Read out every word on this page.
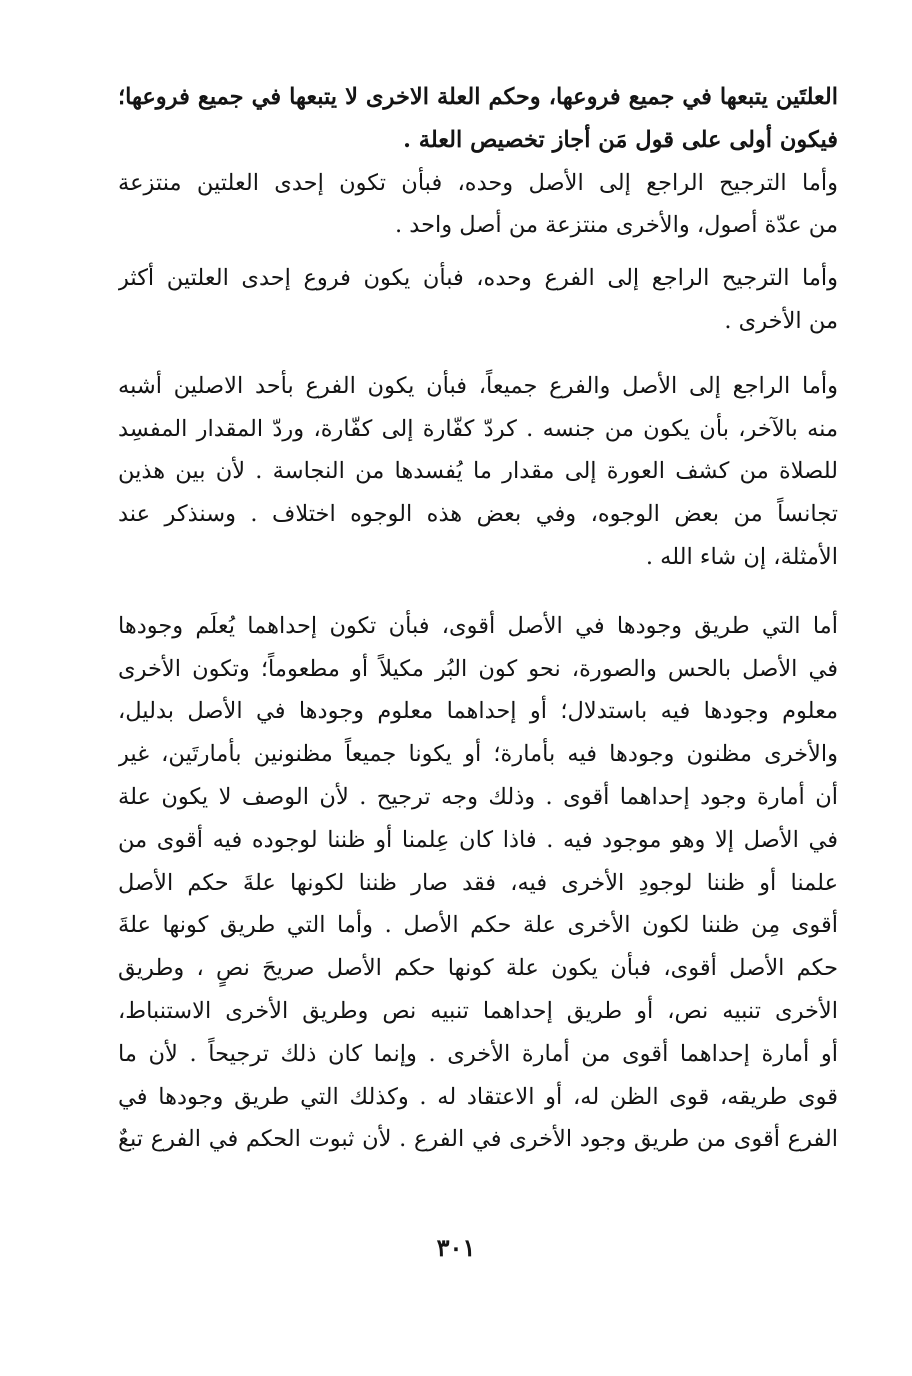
العلتَين يتبعها في جميع فروعها، وحكم العلة الاخرى لا يتبعها في جميع فروعها؛
فيكون أولى على قول مَن أجاز تخصيص العلة .
وأما الترجيح الراجع إلى الأصل وحده، فبأن تكون إحدى العلتين منتزعة
من عدّة أصول، والأخرى منتزعة من أصل واحد .
وأما الترجيح الراجع إلى الفرع وحده، فبأن يكون فروع إحدى العلتين أكثر
من الأخرى .
وأما الراجع إلى الأصل والفرع جميعاً، فبأن يكون الفرع بأحد الاصلين أشبه
منه بالآخر، بأن يكون من جنسه . كردّ كفّارة إلى كفّارة، وردّ المقدار المفسِد
للصلاة من كشف العورة إلى مقدار ما يُفسدها من النجاسة . لأن بين هذين
تجانساً من بعض الوجوه، وفي بعض هذه الوجوه اختلاف . وسنذكر عند
الأمثلة، إن شاء الله .
أما التي طريق وجودها في الأصل أقوى، فبأن تكون إحداهما يُعلَم وجودها
في الأصل بالحس والصورة، نحو كون البُر مكيلاً أو مطعوماً؛ وتكون الأخرى
معلوم وجودها فيه باستدلال؛ أو إحداهما معلوم وجودها في الأصل بدليل،
والأخرى مظنون وجودها فيه بأمارة؛ أو يكونا جميعاً مظنونين بأمارتَين، غير
أن أمارة وجود إحداهما أقوى . وذلك وجه ترجيح . لأن الوصف لا يكون علة
في الأصل إلا وهو موجود فيه . فاذا كان عِلمنا أو ظننا لوجوده فيه أقوى من
علمنا أو ظننا لوجودِ الأخرى فيه، فقد صار ظننا لكونها علةَ حكم الأصل
أقوى مِن ظننا لكون الأخرى علة حكم الأصل . وأما التي طريق كونها علةَ
حكم الأصل أقوى، فبأن يكون علة كونها حكم الأصل صريحَ نصٍ ، وطريق
الأخرى تنبيه نص، أو طريق إحداهما تنبيه نص وطريق الأخرى الاستنباط،
أو أمارة إحداهما أقوى من أمارة الأخرى . وإنما كان ذلك ترجيحاً . لأن ما
قوى طريقه، قوى الظن له، أو الاعتقاد له . وكذلك التي طريق وجودها في
الفرع أقوى من طريق وجود الأخرى في الفرع . لأن ثبوت الحكم في الفرع تبعٌ
٣٠١
